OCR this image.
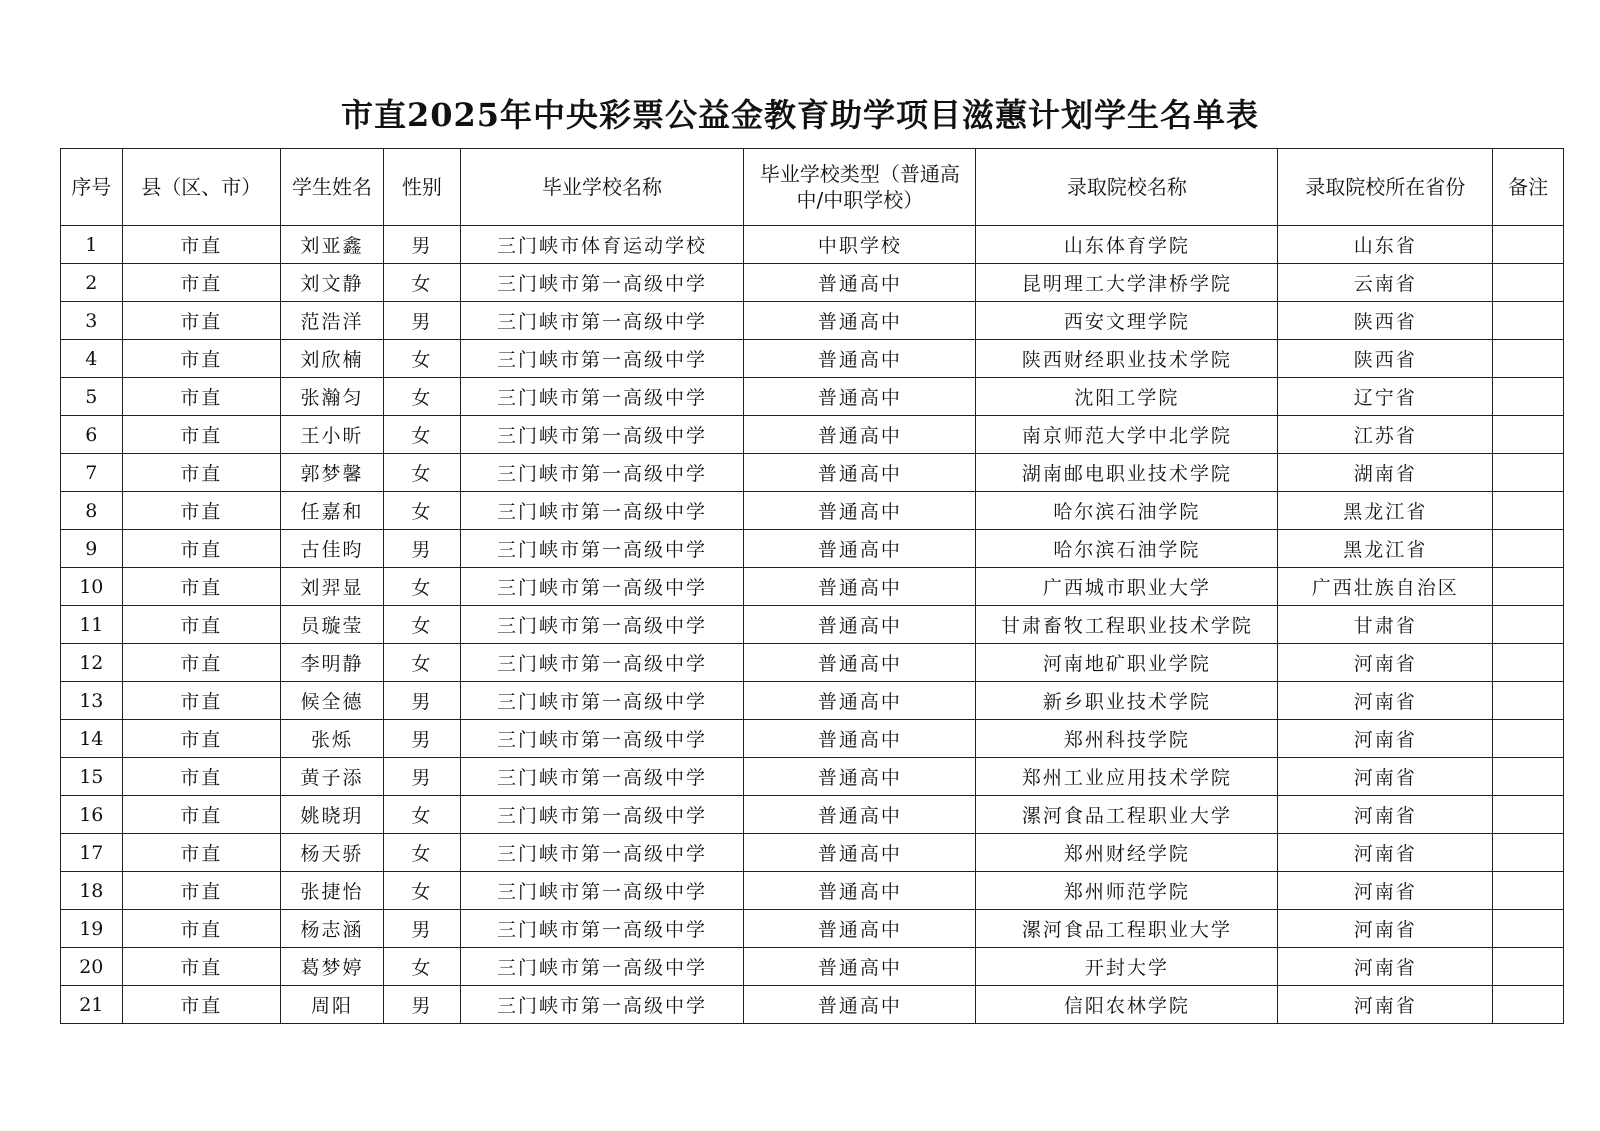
市直2025年中央彩票公益金教育助学项目滋蕙计划学生名单表
序号	县（区、市）	学生姓名	性别	毕业学校名称	毕业学校类型（普通高中/中职学校）	录取院校名称	录取院校所在省份	备注
1	市直	刘亚鑫	男	三门峡市体育运动学校	中职学校	山东体育学院	山东省	
2	市直	刘文静	女	三门峡市第一高级中学	普通高中	昆明理工大学津桥学院	云南省	
3	市直	范浩洋	男	三门峡市第一高级中学	普通高中	西安文理学院	陕西省	
4	市直	刘欣楠	女	三门峡市第一高级中学	普通高中	陕西财经职业技术学院	陕西省	
5	市直	张瀚匀	女	三门峡市第一高级中学	普通高中	沈阳工学院	辽宁省	
6	市直	王小昕	女	三门峡市第一高级中学	普通高中	南京师范大学中北学院	江苏省	
7	市直	郭梦馨	女	三门峡市第一高级中学	普通高中	湖南邮电职业技术学院	湖南省	
8	市直	任嘉和	女	三门峡市第一高级中学	普通高中	哈尔滨石油学院	黑龙江省	
9	市直	古佳昀	男	三门峡市第一高级中学	普通高中	哈尔滨石油学院	黑龙江省	
10	市直	刘羿显	女	三门峡市第一高级中学	普通高中	广西城市职业大学	广西壮族自治区	
11	市直	员璇莹	女	三门峡市第一高级中学	普通高中	甘肃畜牧工程职业技术学院	甘肃省	
12	市直	李明静	女	三门峡市第一高级中学	普通高中	河南地矿职业学院	河南省	
13	市直	候全德	男	三门峡市第一高级中学	普通高中	新乡职业技术学院	河南省	
14	市直	张烁	男	三门峡市第一高级中学	普通高中	郑州科技学院	河南省	
15	市直	黄子添	男	三门峡市第一高级中学	普通高中	郑州工业应用技术学院	河南省	
16	市直	姚晓玥	女	三门峡市第一高级中学	普通高中	漯河食品工程职业大学	河南省	
17	市直	杨天骄	女	三门峡市第一高级中学	普通高中	郑州财经学院	河南省	
18	市直	张捷怡	女	三门峡市第一高级中学	普通高中	郑州师范学院	河南省	
19	市直	杨志涵	男	三门峡市第一高级中学	普通高中	漯河食品工程职业大学	河南省	
20	市直	葛梦婷	女	三门峡市第一高级中学	普通高中	开封大学	河南省	
21	市直	周阳	男	三门峡市第一高级中学	普通高中	信阳农林学院	河南省	
